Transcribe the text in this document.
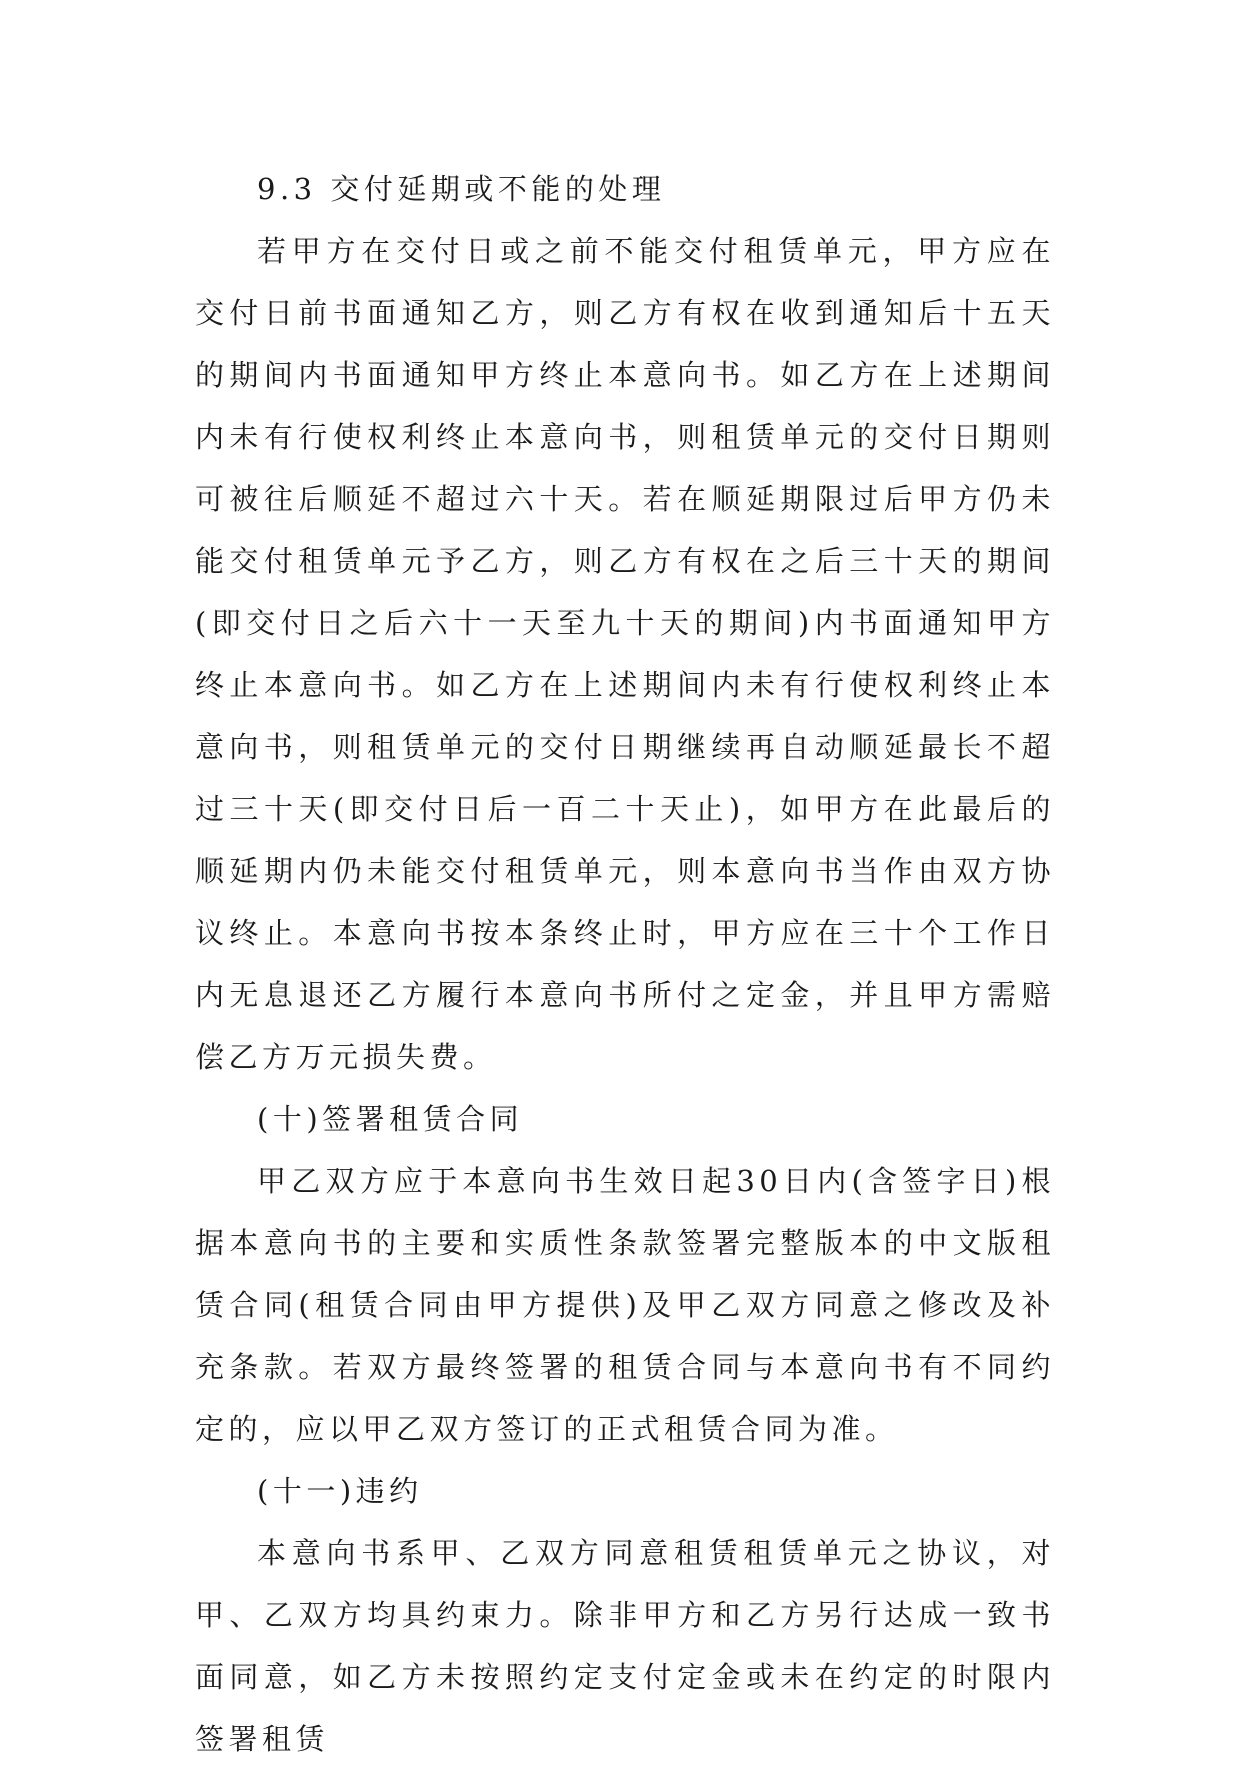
9.3 交付延期或不能的处理

若甲方在交付日或之前不能交付租赁单元，甲方应在交付日前书面通知乙方，则乙方有权在收到通知后十五天的期间内书面通知甲方终止本意向书。如乙方在上述期间内未有行使权利终止本意向书，则租赁单元的交付日期则可被往后顺延不超过六十天。若在顺延期限过后甲方仍未能交付租赁单元予乙方，则乙方有权在之后三十天的期间(即交付日之后六十一天至九十天的期间)内书面通知甲方终止本意向书。如乙方在上述期间内未有行使权利终止本意向书，则租赁单元的交付日期继续再自动顺延最长不超过三十天(即交付日后一百二十天止)，如甲方在此最后的顺延期内仍未能交付租赁单元，则本意向书当作由双方协议终止。本意向书按本条终止时，甲方应在三十个工作日内无息退还乙方履行本意向书所付之定金，并且甲方需赔偿乙方万元损失费。

(十)签署租赁合同

甲乙双方应于本意向书生效日起30日内(含签字日)根据本意向书的主要和实质性条款签署完整版本的中文版租赁合同(租赁合同由甲方提供)及甲乙双方同意之修改及补充条款。若双方最终签署的租赁合同与本意向书有不同约定的，应以甲乙双方签订的正式租赁合同为准。

(十一)违约

本意向书系甲、乙双方同意租赁租赁单元之协议，对甲、乙双方均具约束力。除非甲方和乙方另行达成一致书面同意，如乙方未按照约定支付定金或未在约定的时限内签署租赁
